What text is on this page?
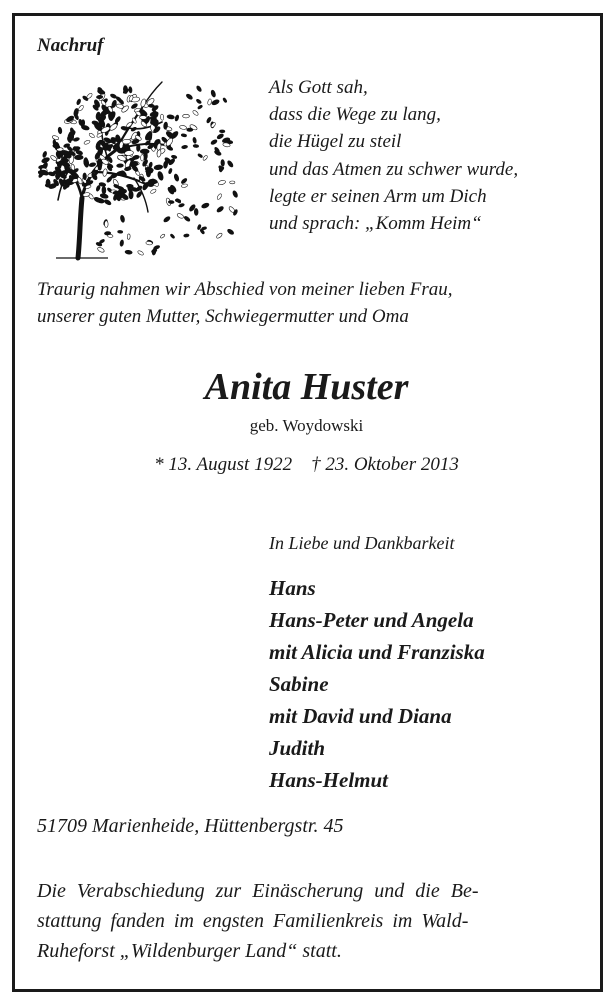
Nachruf
Als Gott sah,
dass die Wege zu lang,
die Hügel zu steil
und das Atmen zu schwer wurde,
legte er seinen Arm um Dich
und sprach: „Komm Heim“
Traurig nahmen wir Abschied von meiner lieben Frau,
unserer guten Mutter, Schwiegermutter und Oma
Anita Huster
geb. Woydowski
* 13. August 1922    † 23. Oktober 2013
In Liebe und Dankbarkeit
Hans
Hans-Peter und Angela
mit Alicia und Franziska
Sabine
mit David und Diana
Judith
Hans-Helmut
51709 Marienheide, Hüttenbergstr. 45
Die Verabschiedung zur Einäscherung und die Be-
stattung fanden im engsten Familienkreis im Wald-
Ruheforst „Wildenburger Land“ statt.
